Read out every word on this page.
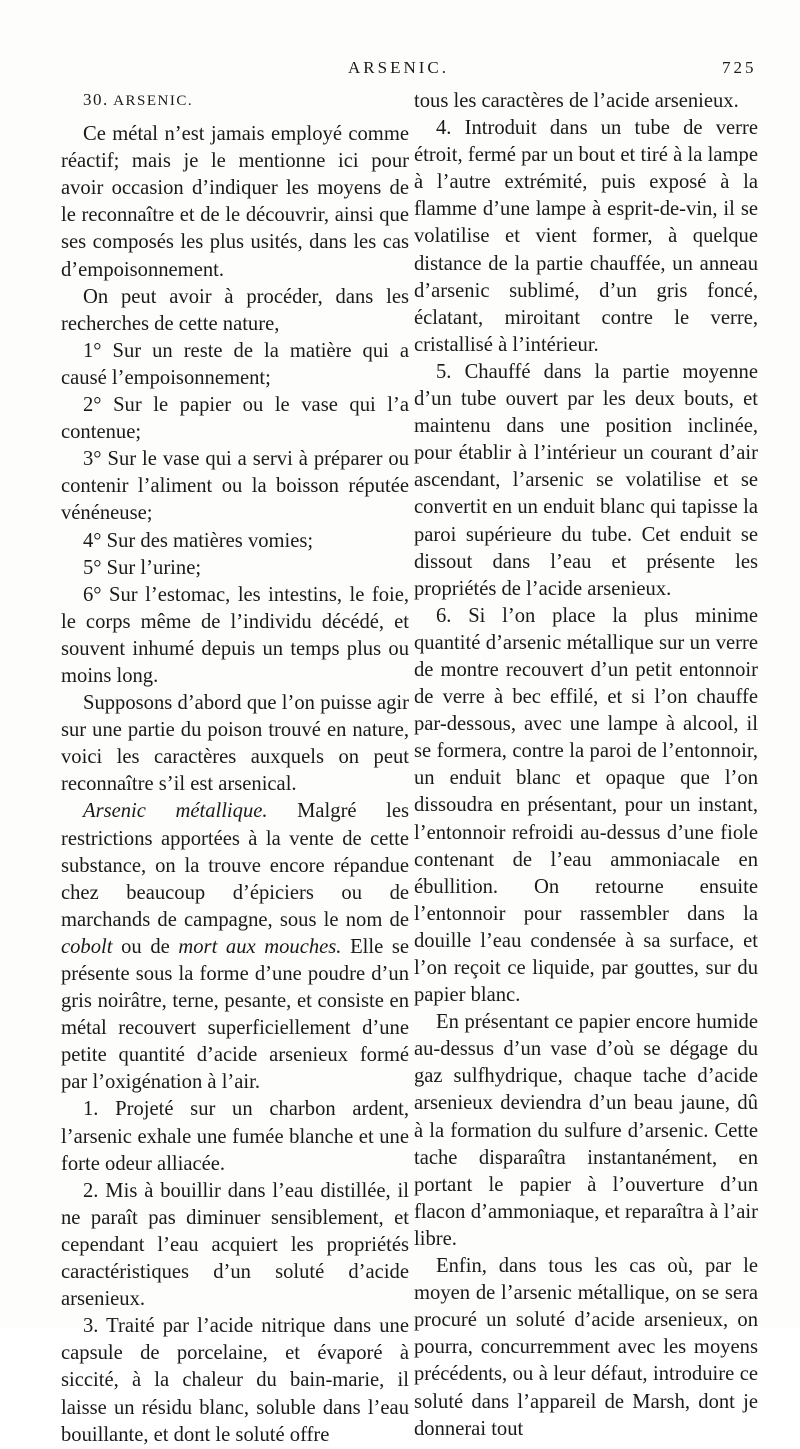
ARSENIC.	725

30. ARSENIC.

Ce métal n’est jamais employé comme réactif; mais je le mentionne ici pour avoir occasion d’indiquer les moyens de le reconnaître et de le découvrir, ainsi que ses composés les plus usités, dans les cas d’empoisonnement.

On peut avoir à procéder, dans les recherches de cette nature,

1° Sur un reste de la matière qui a causé l’empoisonnement;

2° Sur le papier ou le vase qui l’a contenue;

3° Sur le vase qui a servi à préparer ou contenir l’aliment ou la boisson réputée vénéneuse;

4° Sur des matières vomies;

5° Sur l’urine;

6° Sur l’estomac, les intestins, le foie, le corps même de l’individu décédé, et souvent inhumé depuis un temps plus ou moins long.

Supposons d’abord que l’on puisse agir sur une partie du poison trouvé en nature, voici les caractères auxquels on peut reconnaître s’il est arsenical.

Arsenic métallique. Malgré les restrictions apportées à la vente de cette substance, on la trouve encore répandue chez beaucoup d’épiciers ou de marchands de campagne, sous le nom de cobolt ou de mort aux mouches. Elle se présente sous la forme d’une poudre d’un gris noirâtre, terne, pesante, et consiste en métal recouvert superficiellement d’une petite quantité d’acide arsenieux formé par l’oxigénation à l’air.

1. Projeté sur un charbon ardent, l’arsenic exhale une fumée blanche et une forte odeur alliacée.

2. Mis à bouillir dans l’eau distillée, il ne paraît pas diminuer sensiblement, et cependant l’eau acquiert les propriétés caractéristiques d’un soluté d’acide arsenieux.

3. Traité par l’acide nitrique dans une capsule de porcelaine, et évaporé à siccité, à la chaleur du bain-marie, il laisse un résidu blanc, soluble dans l’eau bouillante, et dont le soluté offre

tous les caractères de l’acide arsenieux.

4. Introduit dans un tube de verre étroit, fermé par un bout et tiré à la lampe à l’autre extrémité, puis exposé à la flamme d’une lampe à esprit-de-vin, il se volatilise et vient former, à quelque distance de la partie chauffée, un anneau d’arsenic sublimé, d’un gris foncé, éclatant, miroitant contre le verre, cristallisé à l’intérieur.

5. Chauffé dans la partie moyenne d’un tube ouvert par les deux bouts, et maintenu dans une position inclinée, pour établir à l’intérieur un courant d’air ascendant, l’arsenic se volatilise et se convertit en un enduit blanc qui tapisse la paroi supérieure du tube. Cet enduit se dissout dans l’eau et présente les propriétés de l’acide arsenieux.

6. Si l’on place la plus minime quantité d’arsenic métallique sur un verre de montre recouvert d’un petit entonnoir de verre à bec effilé, et si l’on chauffe par-dessous, avec une lampe à alcool, il se formera, contre la paroi de l’entonnoir, un enduit blanc et opaque que l’on dissoudra en présentant, pour un instant, l’entonnoir refroidi au-dessus d’une fiole contenant de l’eau ammoniacale en ébullition. On retourne ensuite l’entonnoir pour rassembler dans la douille l’eau condensée à sa surface, et l’on reçoit ce liquide, par gouttes, sur du papier blanc.

En présentant ce papier encore humide au-dessus d’un vase d’où se dégage du gaz sulfhydrique, chaque tache d’acide arsenieux deviendra d’un beau jaune, dû à la formation du sulfure d’arsenic. Cette tache disparaîtra instantanément, en portant le papier à l’ouverture d’un flacon d’ammoniaque, et reparaîtra à l’air libre.

Enfin, dans tous les cas où, par le moyen de l’arsenic métallique, on se sera procuré un soluté d’acide arsenieux, on pourra, concurremment avec les moyens précédents, ou à leur défaut, introduire ce soluté dans l’appareil de Marsh, dont je donnerai tout
